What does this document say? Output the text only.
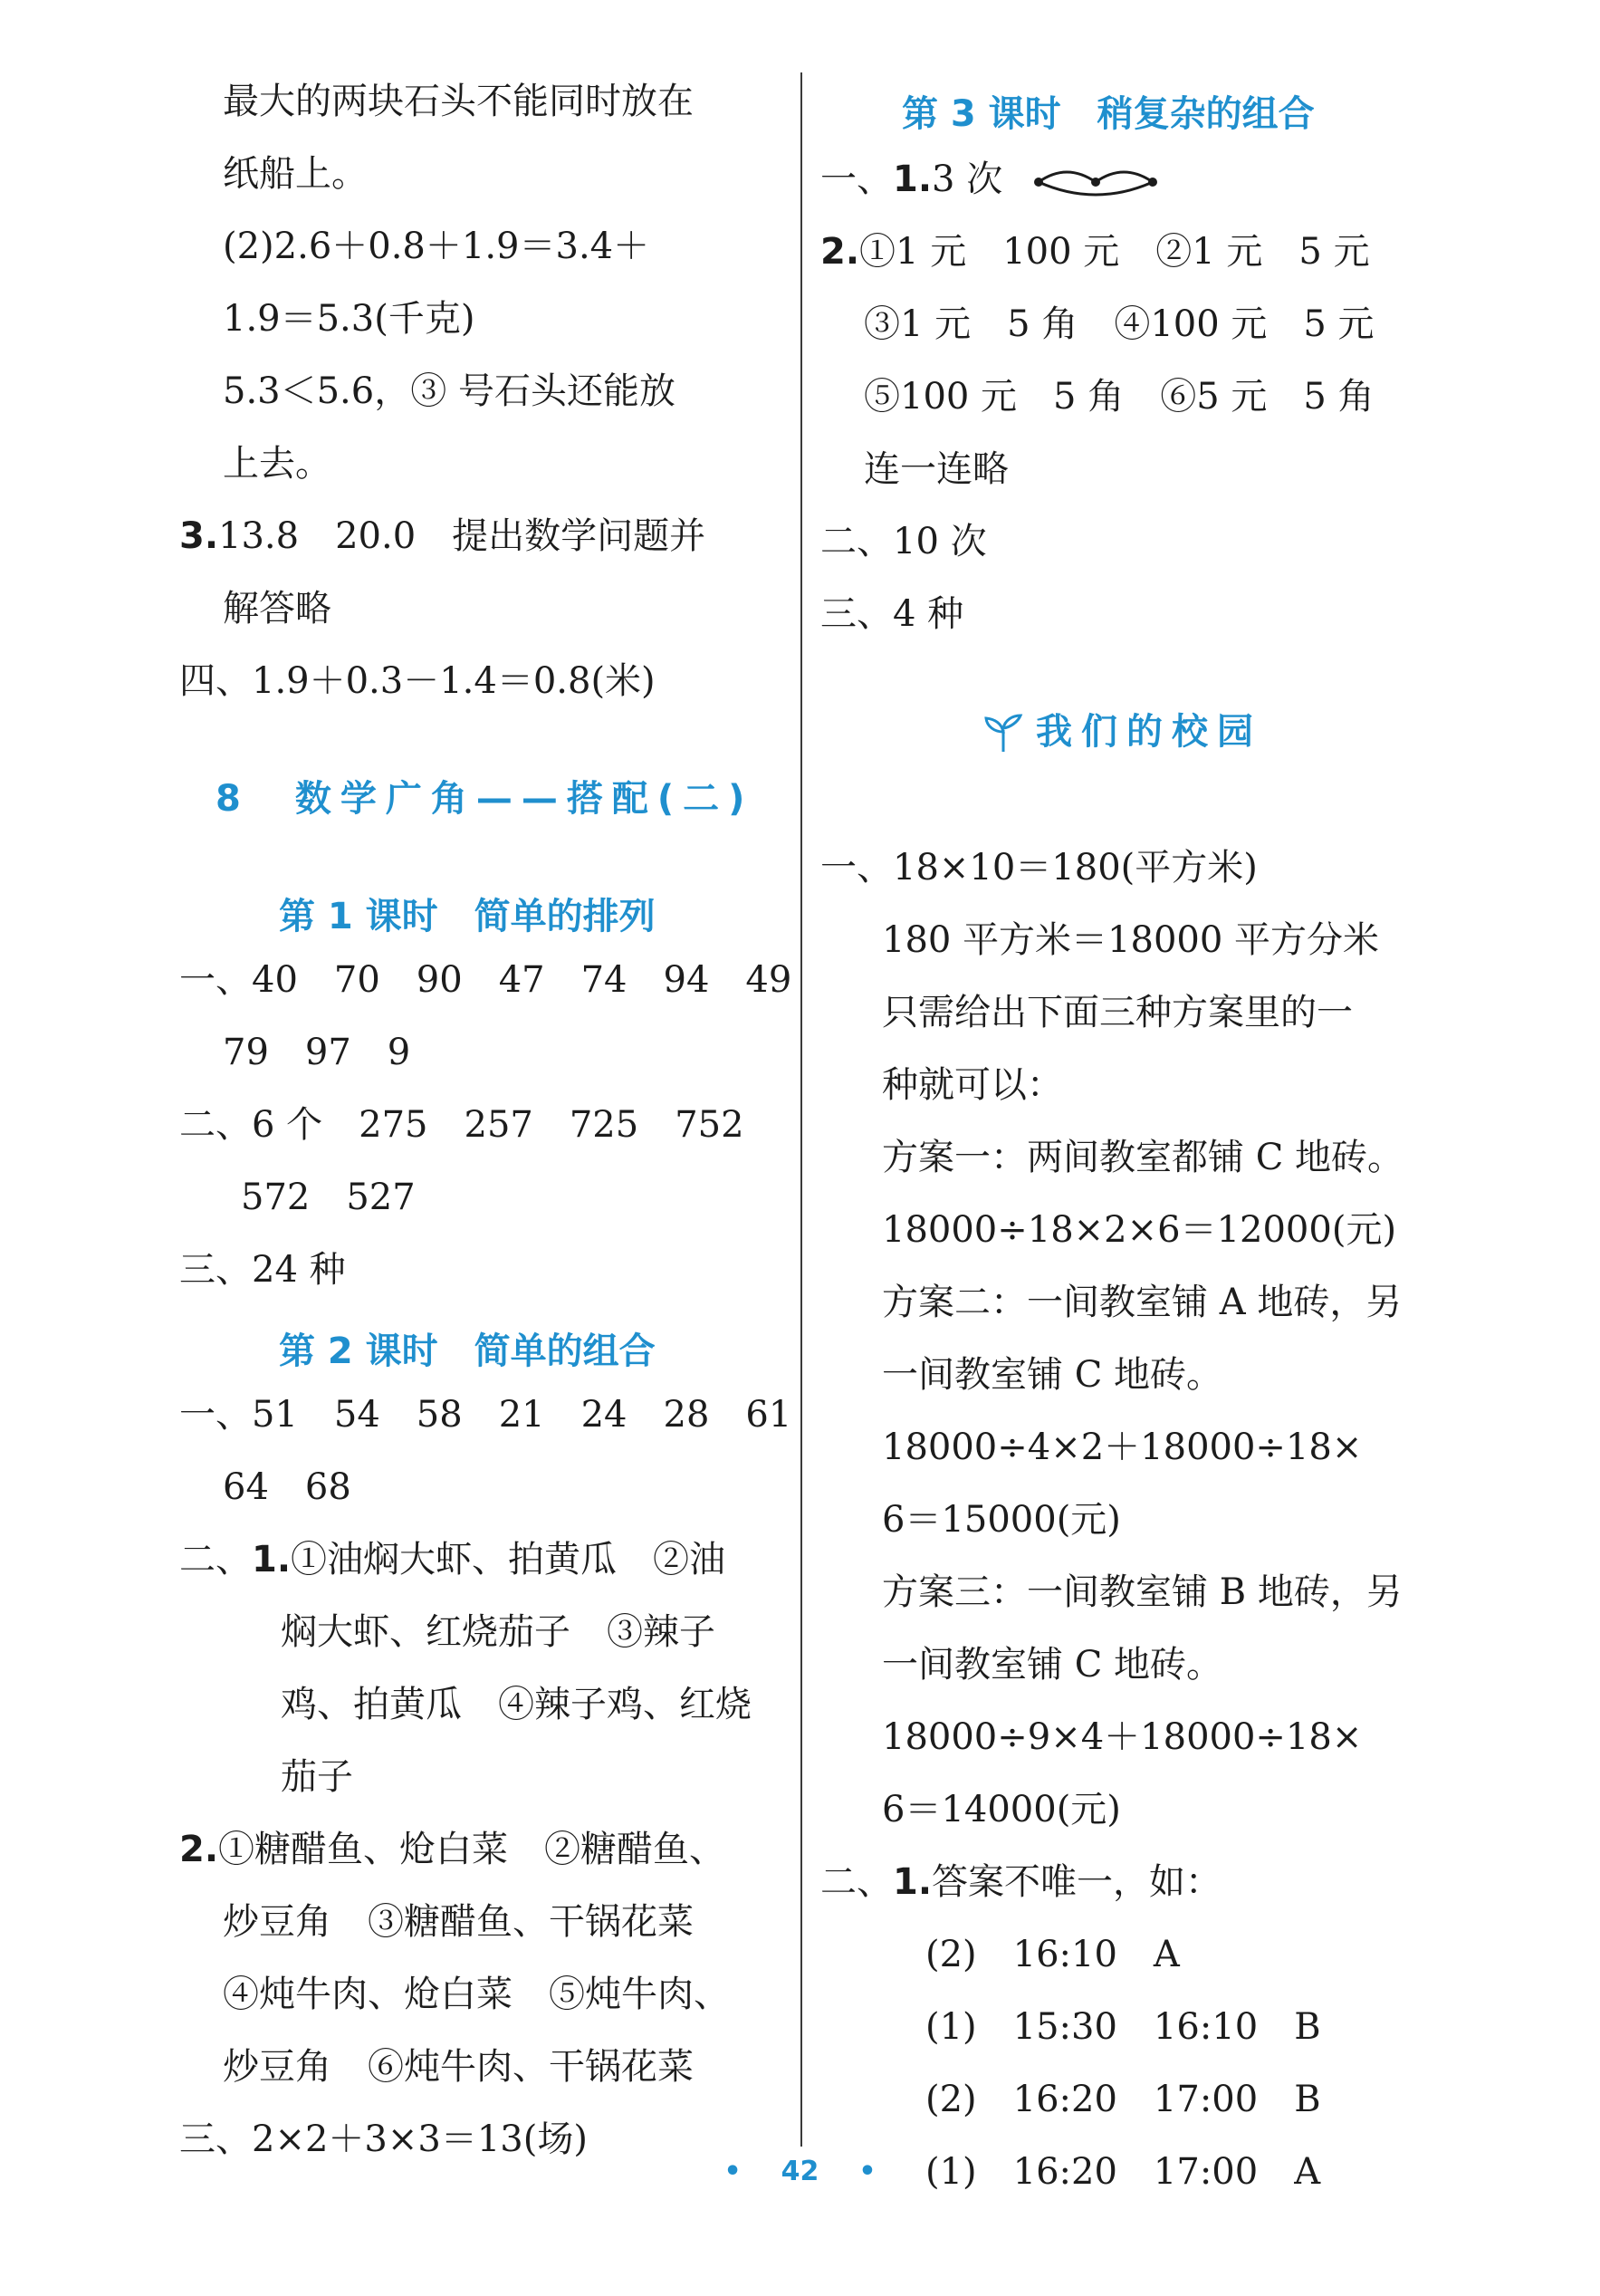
最大的两块石头不能同时放在
纸船上。
(2)2.6＋0.8＋1.9＝3.4＋
1.9＝5.3(千克)
5.3＜5.6，③ 号石头还能放
上去。
3.13.8　20.0　提出数学问题并
解答略
四、1.9＋0.3－1.4＝0.8(米)
8　数学广角——搭配(二)
第 1 课时　简单的排列
一、40　70　90　47　74　94　49
79　97　9
二、6 个　275　257　725　752
572　527
三、24 种
第 2 课时　简单的组合
一、51　54　58　21　24　28　61
64　68
二、1.①油焖大虾、拍黄瓜　②油
焖大虾、红烧茄子　③辣子
鸡、拍黄瓜　④辣子鸡、红烧
茄子
2.①糖醋鱼、炝白菜　②糖醋鱼、
炒豆角　③糖醋鱼、干锅花菜
④炖牛肉、炝白菜　⑤炖牛肉、
炒豆角　⑥炖牛肉、干锅花菜
三、2×2＋3×3＝13(场)
第 3 课时　稍复杂的组合
一、1.3 次
2.①1 元　100 元　②1 元　5 元
③1 元　5 角　④100 元　5 元
⑤100 元　5 角　⑥5 元　5 角
连一连略
二、10 次
三、4 种
我们的校园
一、18×10＝180(平方米)
180 平方米＝18000 平方分米
只需给出下面三种方案里的一
种就可以：
方案一：两间教室都铺 C 地砖。
18000÷18×2×6＝12000(元)
方案二：一间教室铺 A 地砖，另
一间教室铺 C 地砖。
18000÷4×2＋18000÷18×
6＝15000(元)
方案三：一间教室铺 B 地砖，另
一间教室铺 C 地砖。
18000÷9×4＋18000÷18×
6＝14000(元)
二、1.答案不唯一，如：
(2)　16:10　A
(1)　15:30　16:10　B
(2)　16:20　17:00　B
(1)　16:20　17:00　A
• 42 •
